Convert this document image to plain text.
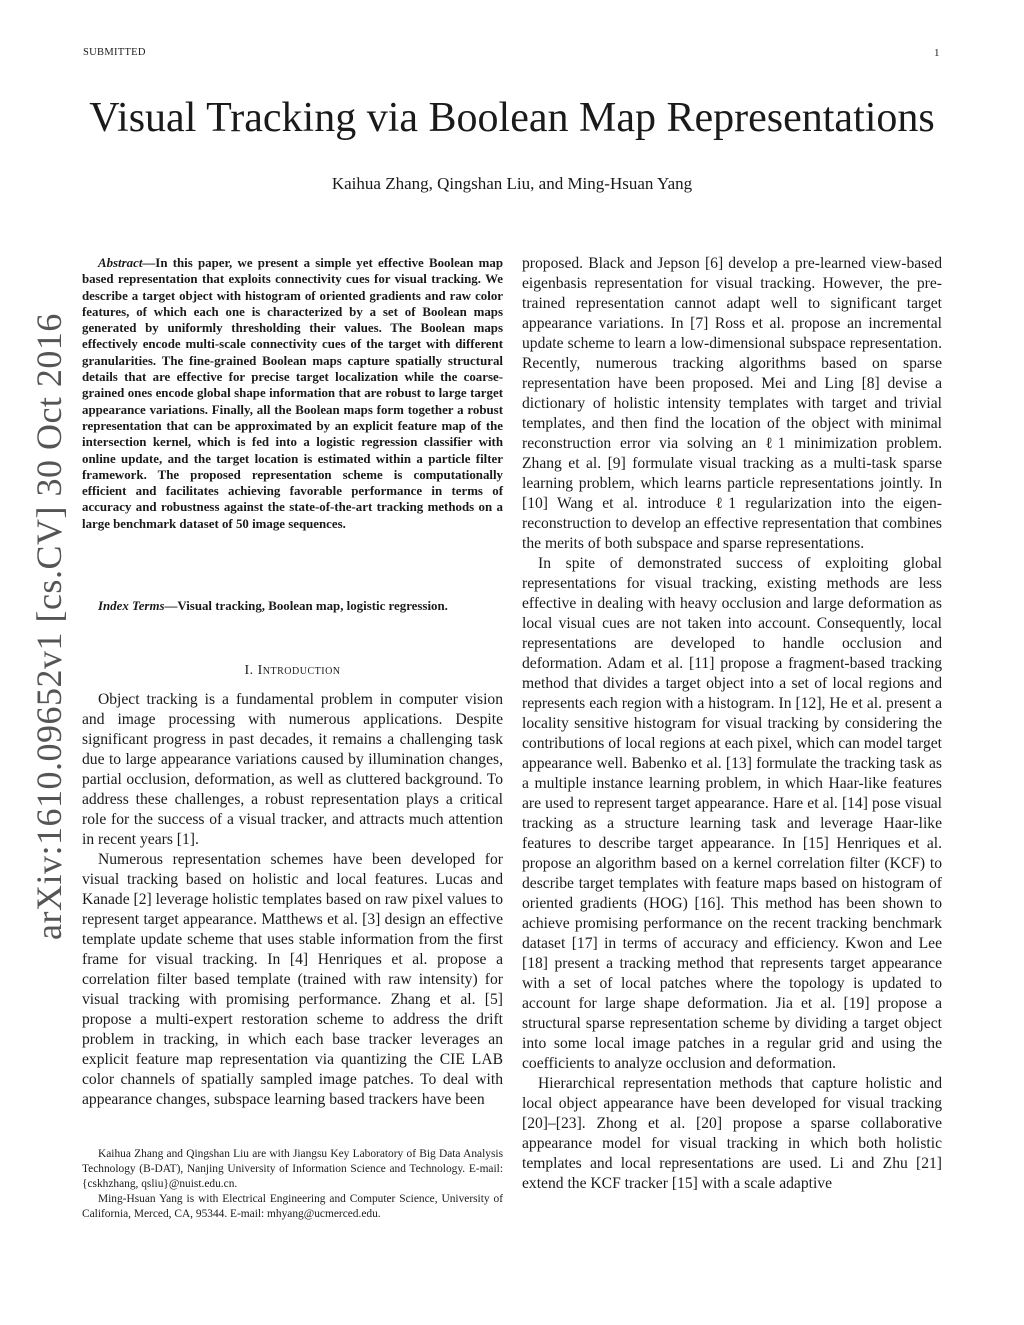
SUBMITTED	1
Visual Tracking via Boolean Map Representations
Kaihua Zhang, Qingshan Liu, and Ming-Hsuan Yang
arXiv:1610.09652v1 [cs.CV] 30 Oct 2016

Abstract—In this paper, we present a simple yet effective Boolean map based representation that exploits connectivity cues for visual tracking. We describe a target object with histogram of oriented gradients and raw color features, of which each one is characterized by a set of Boolean maps generated by uniformly thresholding their values. The Boolean maps effectively encode multi-scale connectivity cues of the target with different granularities. The fine-grained Boolean maps capture spatially structural details that are effective for precise target localization while the coarse-grained ones encode global shape information that are robust to large target appearance variations. Finally, all the Boolean maps form together a robust representation that can be approximated by an explicit feature map of the intersection kernel, which is fed into a logistic regression classifier with online update, and the target location is estimated within a particle filter framework. The proposed representation scheme is computationally efficient and facilitates achieving favorable performance in terms of accuracy and robustness against the state-of-the-art tracking methods on a large benchmark dataset of 50 image sequences.

Index Terms—Visual tracking, Boolean map, logistic regression.

I. Introduction

Object tracking is a fundamental problem in computer vision and image processing with numerous applications. Despite significant progress in past decades, it remains a challenging task due to large appearance variations caused by illumination changes, partial occlusion, deformation, as well as cluttered background. To address these challenges, a robust representation plays a critical role for the success of a visual tracker, and attracts much attention in recent years [1].

Numerous representation schemes have been developed for visual tracking based on holistic and local features. Lucas and Kanade [2] leverage holistic templates based on raw pixel values to represent target appearance. Matthews et al. [3] design an effective template update scheme that uses stable information from the first frame for visual tracking. In [4] Henriques et al. propose a correlation filter based template (trained with raw intensity) for visual tracking with promising performance. Zhang et al. [5] propose a multi-expert restoration scheme to address the drift problem in tracking, in which each base tracker leverages an explicit feature map representation via quantizing the CIE LAB color channels of spatially sampled image patches. To deal with appearance changes, subspace learning based trackers have been

Kaihua Zhang and Qingshan Liu are with Jiangsu Key Laboratory of Big Data Analysis Technology (B-DAT), Nanjing University of Information Science and Technology. E-mail: {cskhzhang, qsliu}@nuist.edu.cn.

Ming-Hsuan Yang is with Electrical Engineering and Computer Science, University of California, Merced, CA, 95344. E-mail: mhyang@ucmerced.edu.

proposed. Black and Jepson [6] develop a pre-learned view-based eigenbasis representation for visual tracking. However, the pre-trained representation cannot adapt well to significant target appearance variations. In [7] Ross et al. propose an incremental update scheme to learn a low-dimensional subspace representation. Recently, numerous tracking algorithms based on sparse representation have been proposed. Mei and Ling [8] devise a dictionary of holistic intensity templates with target and trivial templates, and then find the location of the object with minimal reconstruction error via solving an ℓ1 minimization problem. Zhang et al. [9] formulate visual tracking as a multi-task sparse learning problem, which learns particle representations jointly. In [10] Wang et al. introduce ℓ1 regularization into the eigen-reconstruction to develop an effective representation that combines the merits of both subspace and sparse representations.

In spite of demonstrated success of exploiting global representations for visual tracking, existing methods are less effective in dealing with heavy occlusion and large deformation as local visual cues are not taken into account. Consequently, local representations are developed to handle occlusion and deformation. Adam et al. [11] propose a fragment-based tracking method that divides a target object into a set of local regions and represents each region with a histogram. In [12], He et al. present a locality sensitive histogram for visual tracking by considering the contributions of local regions at each pixel, which can model target appearance well. Babenko et al. [13] formulate the tracking task as a multiple instance learning problem, in which Haar-like features are used to represent target appearance. Hare et al. [14] pose visual tracking as a structure learning task and leverage Haar-like features to describe target appearance. In [15] Henriques et al. propose an algorithm based on a kernel correlation filter (KCF) to describe target templates with feature maps based on histogram of oriented gradients (HOG) [16]. This method has been shown to achieve promising performance on the recent tracking benchmark dataset [17] in terms of accuracy and efficiency. Kwon and Lee [18] present a tracking method that represents target appearance with a set of local patches where the topology is updated to account for large shape deformation. Jia et al. [19] propose a structural sparse representation scheme by dividing a target object into some local image patches in a regular grid and using the coefficients to analyze occlusion and deformation.

Hierarchical representation methods that capture holistic and local object appearance have been developed for visual tracking [20]–[23]. Zhong et al. [20] propose a sparse collaborative appearance model for visual tracking in which both holistic templates and local representations are used. Li and Zhu [21] extend the KCF tracker [15] with a scale adaptive
